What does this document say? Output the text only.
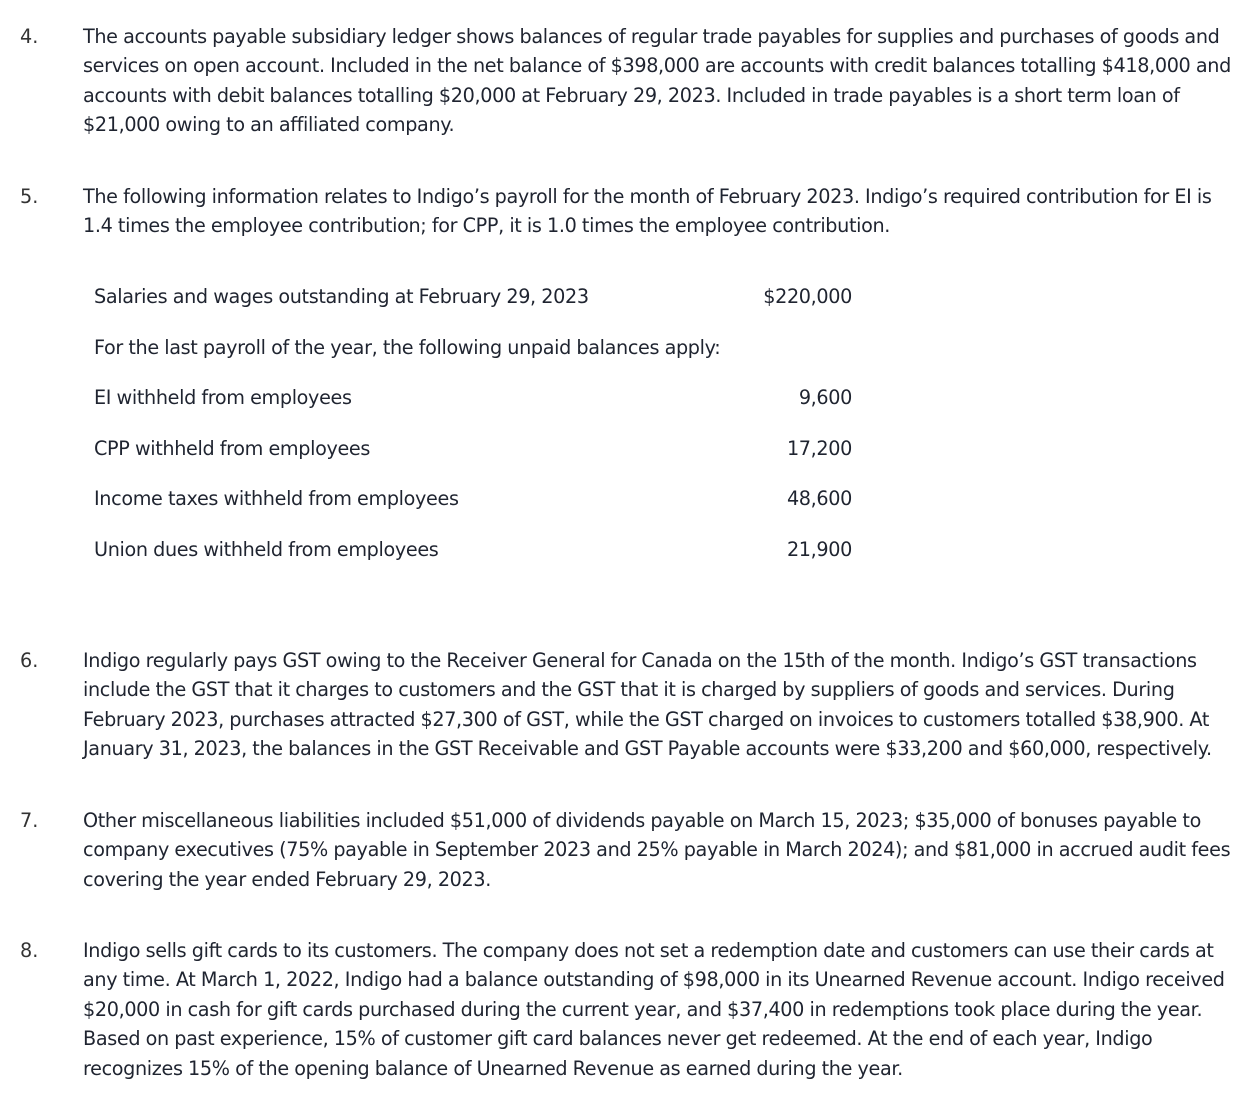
4. The accounts payable subsidiary ledger shows balances of regular trade payables for supplies and purchases of goods and services on open account. Included in the net balance of $398,000 are accounts with credit balances totalling $418,000 and accounts with debit balances totalling $20,000 at February 29, 2023. Included in trade payables is a short term loan of $21,000 owing to an affiliated company.

5. The following information relates to Indigo’s payroll for the month of February 2023. Indigo’s required contribution for EI is 1.4 times the employee contribution; for CPP, it is 1.0 times the employee contribution.

Salaries and wages outstanding at February 29, 2023	$220,000
For the last payroll of the year, the following unpaid balances apply:
EI withheld from employees	9,600
CPP withheld from employees	17,200
Income taxes withheld from employees	48,600
Union dues withheld from employees	21,900
6. Indigo regularly pays GST owing to the Receiver General for Canada on the 15th of the month. Indigo’s GST transactions include the GST that it charges to customers and the GST that it is charged by suppliers of goods and services. During February 2023, purchases attracted $27,300 of GST, while the GST charged on invoices to customers totalled $38,900. At January 31, 2023, the balances in the GST Receivable and GST Payable accounts were $33,200 and $60,000, respectively.

7. Other miscellaneous liabilities included $51,000 of dividends payable on March 15, 2023; $35,000 of bonuses payable to company executives (75% payable in September 2023 and 25% payable in March 2024); and $81,000 in accrued audit fees covering the year ended February 29, 2023.

8. Indigo sells gift cards to its customers. The company does not set a redemption date and customers can use their cards at any time. At March 1, 2022, Indigo had a balance outstanding of $98,000 in its Unearned Revenue account. Indigo received $20,000 in cash for gift cards purchased during the current year, and $37,400 in redemptions took place during the year. Based on past experience, 15% of customer gift card balances never get redeemed. At the end of each year, Indigo recognizes 15% of the opening balance of Unearned Revenue as earned during the year.
